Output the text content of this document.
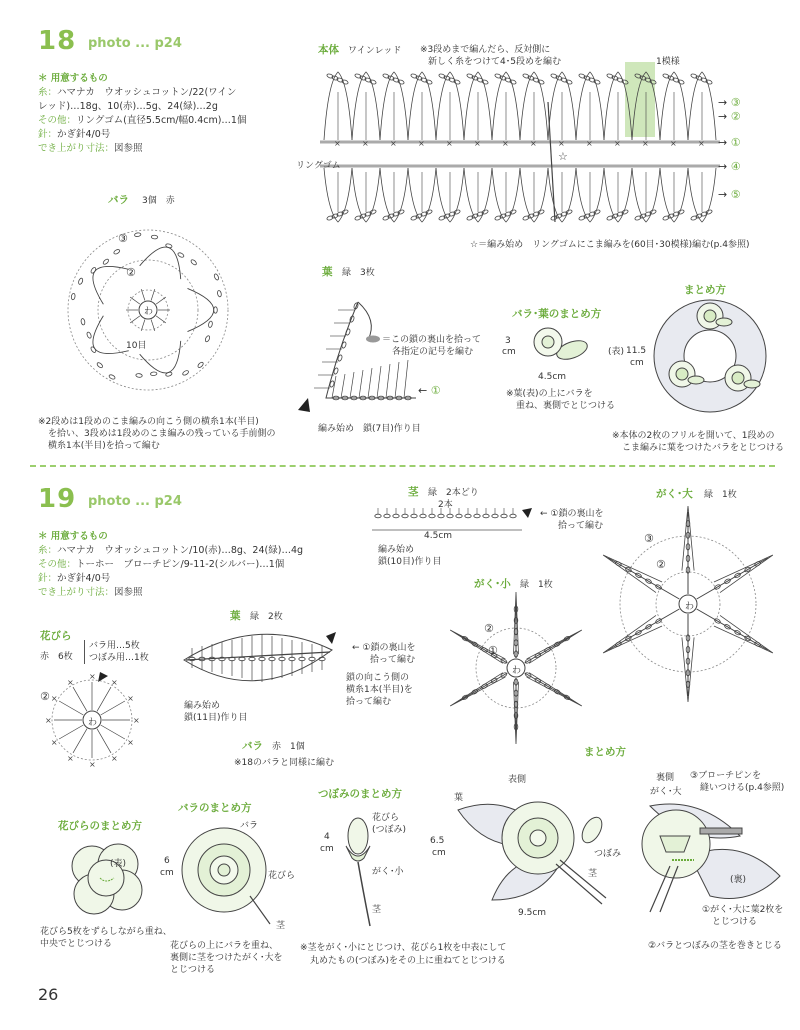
18 photo ... p24
＊ 用意するもの
糸：ハマナカ　ウオッシュコットン/22(ワイン
レッド)…18g、10(赤)…5g、24(緑)…2g
その他：リングゴム(直径5.5cm/幅0.4cm)…1個
針：かぎ針4/0号
でき上がり寸法：図参照
本体 ワインレッド ※3段めまで編んだら、反対側に
新しく糸をつけて4･5段めを編む	1模様
×	×	×	×	×	×	×	×	×	×	×	×	×	×
☆
リングゴム
→ ③
→ ②
→ ①
→ ④
→ ⑤
☆＝編み始め　リングゴムにこま編みを(60目･30模様)編む(p.4参照)
バラ 3個　赤
わ
③
②
10目
※2段めは1段めのこま編みの向こう側の横糸1本(半目)
を拾い、3段めは1段めのこま編みの残っている手前側の
横糸1本(半目)を拾って編む
葉 緑　3枚
＝この鎖の裏山を拾って
各指定の記号を編む
← ①
編み始め　鎖(7目)作り目
バラ･葉のまとめ方
3
cm
4.5cm
(表)
※葉(表)の上にバラを
重ね、裏側でとじつける
まとめ方
11.5
cm
※本体の2枚のフリルを開いて、1段めの
こま編みに葉をつけたバラをとじつける
19 photo ... p24
＊ 用意するもの
糸：ハマナカ　ウオッシュコットン/10(赤)…8g、24(緑)…4g
その他：トーホー　ブローチピン/9-11-2(シルバー)…1個
針：かぎ針4/0号
でき上がり寸法：図参照
茎 緑　2本どり
2本
← ①鎖の裏山を
拾って編む
4.5cm
編み始め
鎖(10目)作り目
がく･大 緑　1枚
わ
③
②
がく･小 緑　1枚
わ
②
①
花びら
赤　6枚
バラ用…5枚
つぼみ用…1枚
×
×
×
×
×
×
×
×
×
×
×
×
わ
②
葉 緑　2枚
← ①鎖の裏山を
拾って編む
鎖の向こう側の
横糸1本(半目)を
拾って編む
編み始め
鎖(11目)作り目
バラ 赤　1個
※18のバラと同様に編む
花びらのまとめ方
(表)
花びら5枚をずらしながら重ね、
中央でとじつける
バラのまとめ方
バラ
花びら
茎
6
cm
花びらの上にバラを重ね、
裏側に茎をつけたがく･大を
とじつける
つぼみのまとめ方
花びら
(つぼみ)
がく･小
茎
4
cm
※茎をがく･小にとじつけ、花びら1枚を中表にして
丸めたもの(つぼみ)をその上に重ねてとじつける
まとめ方
表側
葉
つぼみ
茎
6.5
cm
9.5cm
裏側
がく･大
③ブローチピンを
縫いつける(p.4参照)
(裏)
①がく･大に葉2枚を
とじつける
②バラとつぼみの茎を巻きとじる
26
